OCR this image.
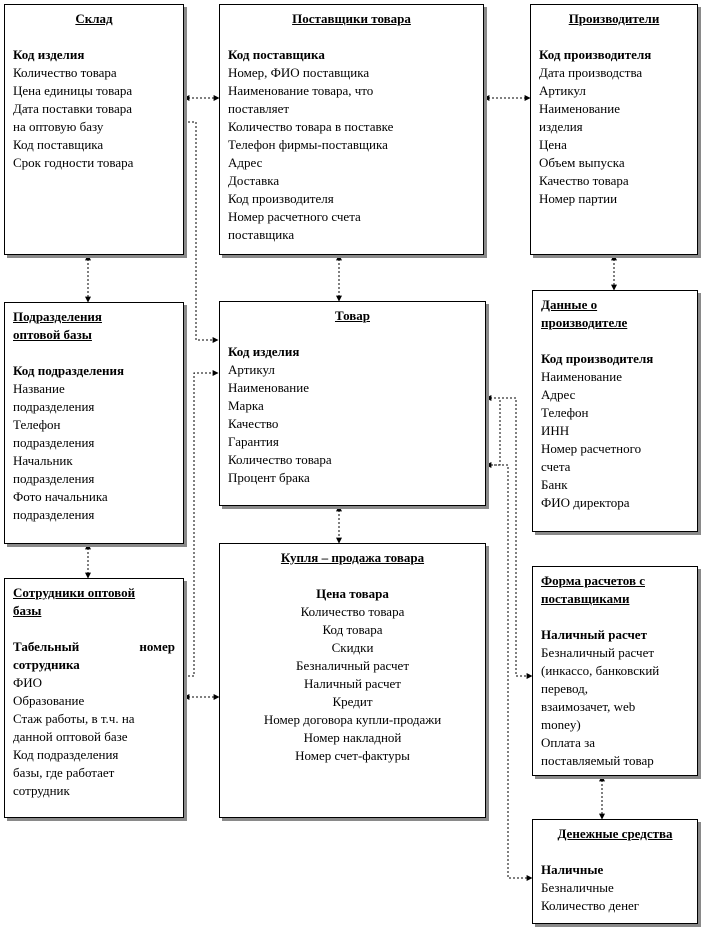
Склад
Код изделия
Количество товара
Цена единицы товара
Дата поставки товара
на оптовую базу
Код поставщика
Срок годности товара
Поставщики товара
Код поставщика
Номер, ФИО поставщика
Наименование товара, что
поставляет
Количество товара в поставке
Телефон фирмы-поставщика
Адрес
Доставка
Код производителя
Номер расчетного счета
поставщика
Производители
Код производителя
Дата производства
Артикул
Наименование
изделия
Цена
Объем выпуска
Качество товара
Номер партии
Подразделения
оптовой базы
Код подразделения
Название
подразделения
Телефон
подразделения
Начальник
подразделения
Фото начальника
подразделения
Товар
Код изделия
Артикул
Наименование
Марка
Качество
Гарантия
Количество товара
Процент брака
Данные о
производителе
Код производителя
Наименование
Адрес
Телефон
ИНН
Номер расчетного
счета
Банк
ФИО директора
Сотрудники оптовой
базы
Табельный	номер
сотрудника
ФИО
Образование
Стаж работы, в т.ч. на
данной оптовой базе
Код подразделения
базы, где работает
сотрудник
Купля – продажа товара
Цена товара
Количество товара
Код товара
Скидки
Безналичный расчет
Наличный расчет
Кредит
Номер договора купли-продажи
Номер накладной
Номер счет-фактуры
Форма расчетов с
поставщиками
Наличный расчет
Безналичный расчет
(инкассо, банковский
перевод,
взаимозачет, web
money)
Оплата за
поставляемый товар
Денежные средства
Наличные
Безналичные
Количество денег
